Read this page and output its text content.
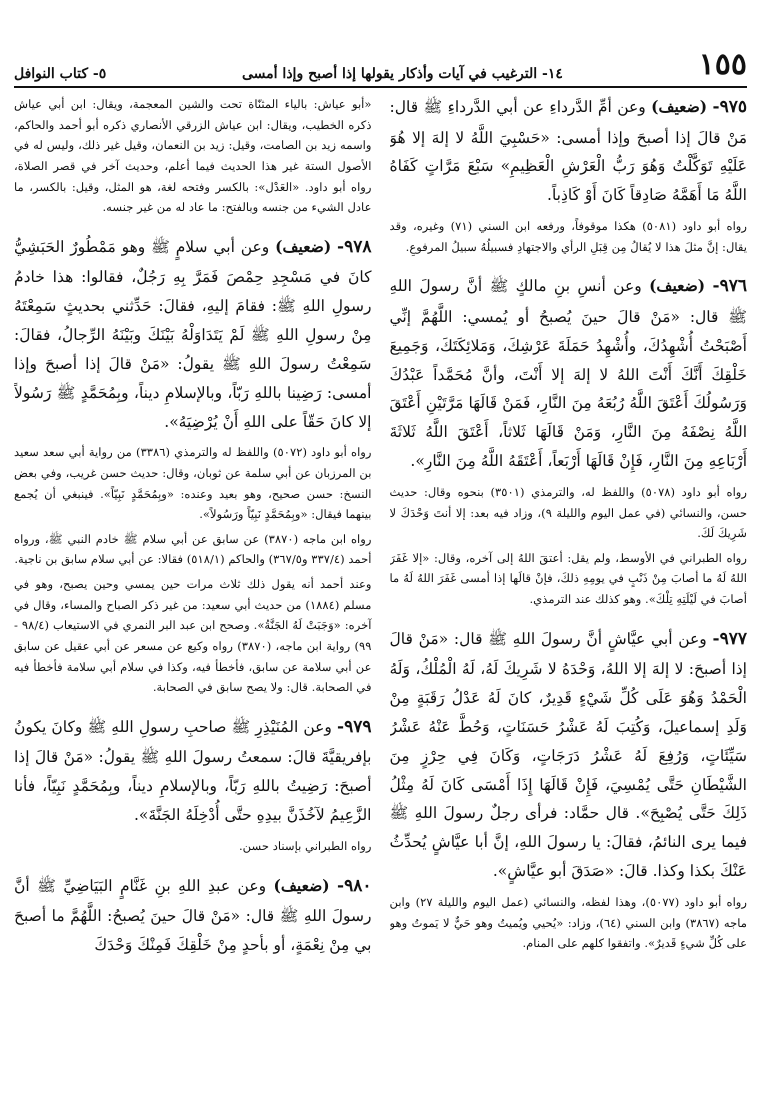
١٥٥
١٤- الترغيب في آيات وأذكار يقولها إذا أصبح وإذا أمسى
٥- كتاب النوافل

٩٧٥- (ضعيف) وعن أمِّ الدَّرداءِ عن أبي الدَّرداءِ ﷺ قال: مَنْ قالَ إذا أصبحَ وإذا أمسى: «حَسْبِيَ اللَّهُ لا إلهَ إلا هُوَ عَلَيْهِ تَوَكَّلْتُ وَهُوَ رَبُّ الْعَرْشِ الْعَظِيمِ» سَبْعَ مَرَّاتٍ كَفَاهُ اللَّهُ مَا أَهَمَّهُ صَادِقاً كَانَ أَوْ كَاذِباً.

رواه أبو داود (٥٠٨١) هكذا موقوفاً، ورفعه ابن السني (٧١) وغيره، وقد يقال: إنَّ مثلَ هذا لا يُقالُ مِن قِبَلِ الرأي والاجتهادِ فسبيلُهُ سبيلُ المرفوعِ.

٩٧٦- (ضعيف) وعن أنسِ بنِ مالكٍ ﷺ أنَّ رسولَ اللهِ ﷺ قال: «مَنْ قالَ حينَ يُصبحُ أو يُمسي: اللَّهُمَّ إنِّي أَصْبَحْتُ أُشْهِدُكَ، وأُشْهِدُ حَمَلَةَ عَرْشِكَ، وَمَلائِكَتَكَ، وَجَمِيعَ خَلْقِكَ أَنَّكَ أَنْتَ اللهُ لا إلهَ إلا أَنْتَ، وأنَّ مُحَمَّداً عَبْدُكَ وَرَسُولُكَ أَعْتَقَ اللَّهُ رُبُعَهُ مِنَ النَّارِ، فَمَنْ قَالَهَا مَرَّتَيْنِ أَعْتَقَ اللَّهُ نِصْفَهُ مِنَ النَّارِ، وَمَنْ قَالَهَا ثَلاثاً، أَعْتَقَ اللَّهُ ثَلاثَةَ أَرْبَاعِهِ مِنَ النَّارِ، فَإِنْ قَالَهَا أَرْبَعاً، أَعْتَقَهُ اللَّهُ مِنَ النَّارِ».

رواه أبو داود (٥٠٧٨) واللفظ له، والترمذي (٣٥٠١) بنحوه وقال: حديث حسن، والنسائي (في عمل اليوم والليلة ٩)، وزاد فيه بعد: إلا أنتَ وَحْدَكَ لا شَرِيكَ لَكَ.

رواه الطبراني في الأوسط، ولم يقل: أعتقَ اللهُ إلى آخره، وقال: «إلا غَفَرَ اللهُ لَهُ ما أصابَ مِنْ ذَنْبٍ في يومِهِ ذلكَ، فإنْ قالَها إذا أمسى غَفَرَ اللهُ لَهُ ما أصابَ في لَيْلَتِهِ تِلْكَ». وهو كذلك عند الترمذي.

٩٧٧- وعن أبي عيَّاشٍ أنَّ رسولَ اللهِ ﷺ قال: «مَنْ قالَ إذا أصبحَ: لا إلهَ إلا اللهُ، وَحْدَهُ لا شَرِيكَ لَهُ، لَهُ الْمُلْكُ، وَلَهُ الْحَمْدُ وَهُوَ عَلَى كُلِّ شَيْءٍ قَدِيرٌ، كانَ لَهُ عَدْلُ رَقَبَةٍ مِنْ وَلَدِ إسماعيلَ، وَكُتِبَ لَهُ عَشْرُ حَسَنَاتٍ، وَحُطَّ عَنْهُ عَشْرُ سَيِّئَاتٍ، وَرُفِعَ لَهُ عَشْرُ دَرَجَاتٍ، وَكَانَ فِي حِرْزٍ مِنَ الشَّيْطَانِ حَتَّى يُمْسِيَ، فَإِنْ قَالَهَا إِذَا أَمْسَى كَانَ لَهُ مِثْلُ ذَلِكَ حَتَّى يُصْبِحَ». قال حمَّاد: فرأى رجلٌ رسولَ اللهِ ﷺ فيما يرى النائمُ، فقالَ: يا رسولَ اللهِ، إنَّ أبا عيَّاشٍ يُحدِّثُ عَنْكَ بكذا وكذا. قالَ: «صَدَقَ أبو عيَّاشٍ».

رواه أبو داود (٥٠٧٧)، وهذا لفظه، والنسائي (عمل اليوم والليلة ٢٧) وابن ماجه (٣٨٦٧) وابن السني (٦٤)، وزاد: «يُحيي ويُميتُ وهو حَيٌّ لا يَموتُ وهو على كُلِّ شيءٍ قَديرٌ». واتفقوا كلهم على المنام.

«أبو عياش: بالياء المثنّاة تحت والشين المعجمة، ويقال: ابن أبي عياش ذكره الخطيب، ويقال: ابن عياش الزرقي الأنصاري ذكره أبو أحمد والحاكم، واسمه زيد بن الصامت، وقيل: زيد بن النعمان، وقيل غير ذلك، وليس له في الأصول الستة غير هذا الحديث فيما أعلم، وحديث آخر في قصر الصلاة، رواه أبو داود. «العَدْل»: بالكسر وفتحه لغة، هو المثل، وقيل: بالكسر، ما عادل الشيء من جنسه وبالفتح: ما عاد له من غير جنسه.

٩٧٨- (ضعيف) وعن أبي سلامٍ ﷺ وهو مَمْطُورٌ الحَبَشِيُّ كانَ في مَسْجِدِ حِمْصَ فَمَرَّ بِهِ رَجُلٌ، فقالوا: هذا خادمُ رسولِ اللهِ ﷺ: فقامَ إليهِ، فقالَ: حَدِّثني بحديثٍ سَمِعْتَهُ مِنْ رسولِ اللهِ ﷺ لَمْ يَتَدَاوَلْهُ بَيْنَكَ وبَيْنَهُ الرِّجالُ، فقالَ: سَمِعْتُ رسولَ اللهِ ﷺ يقولُ: «مَنْ قالَ إذا أصبحَ وإذا أمسى: رَضِينا باللهِ رَبّاً، وبالإسلامِ ديناً، وبِمُحَمَّدٍ ﷺ رَسُولاً إلا كانَ حَقّاً على اللهِ أَنْ يُرْضِيَهُ».

رواه أبو داود (٥٠٧٢) واللفظ له والترمذي (٣٣٨٦) من رواية أبي سعد سعيد بن المرزبان عن أبي سلمة عن ثوبان، وقال: حديث حسن غريب، وفي بعض النسخ: حسن صحيح، وهو بعيد وعنده: «وبِمُحَمَّدٍ نَبِيّاً». فينبغي أن يُجمع بينهما فيقال: «وبِمُحَمَّدٍ نَبِيّاً ورَسُولاً».

رواه ابن ماجه (٣٨٧٠) عن سابق عن أبي سلام ﷺ خادم النبي ﷺ، ورواه أحمد (٣٣٧/٤ و٣٦٧/٥) والحاكم (٥١٨/١) فقالا: عن أبي سلام سابق بن ناجية.

وعند أحمد أنه يقول ذلك ثلاث مرات حين يمسي وحين يصبح، وهو في مسلم (١٨٨٤) من حديث أبي سعيد: من غير ذكر الصباح والمساء، وقال في آخره: «وَجَبَتْ لَهُ الجَنَّةُ». وصحح ابن عبد البر النمري في الاستيعاب (٩٨/٤ - ٩٩) رواية ابن ماجه، (٣٨٧٠) رواه وكيع عن مسعر عن أبي عقيل عن سابق عن أبي سلامة عن سابق، فأخطأ فيه، وكذا في سلام أبي سلامة فأخطأ فيه في الصحابة. قال: ولا يصح سابق في الصحابة.

٩٧٩- وعن المُنَيْذِرِ ﷺ صاحبِ رسولِ اللهِ ﷺ وكانَ يكونُ بإفريقيَّةَ قالَ: سمعتُ رسولَ اللهِ ﷺ يقولُ: «مَنْ قالَ إذا أصبحَ: رَضِيتُ باللهِ رَبّاً، وبالإسلامِ ديناً، وبِمُحَمَّدٍ نَبِيّاً، فأنا الزَّعِيمُ لآخُذَنَّ بيدِهِ حتَّى أُدْخِلَهُ الجَنَّةَ».

رواه الطبراني بإسناد حسن.

٩٨٠- (ضعيف) وعن عبدِ اللهِ بنِ غَنَّامٍ البَيَاضِيِّ ﷺ أنَّ رسولَ اللهِ ﷺ قال: «مَنْ قالَ حينَ يُصبحُ: اللَّهُمَّ ما أصبحَ بي مِنْ نِعْمَةٍ، أو بأحدٍ مِنْ خَلْقِكَ فَمِنْكَ وَحْدَكَ
